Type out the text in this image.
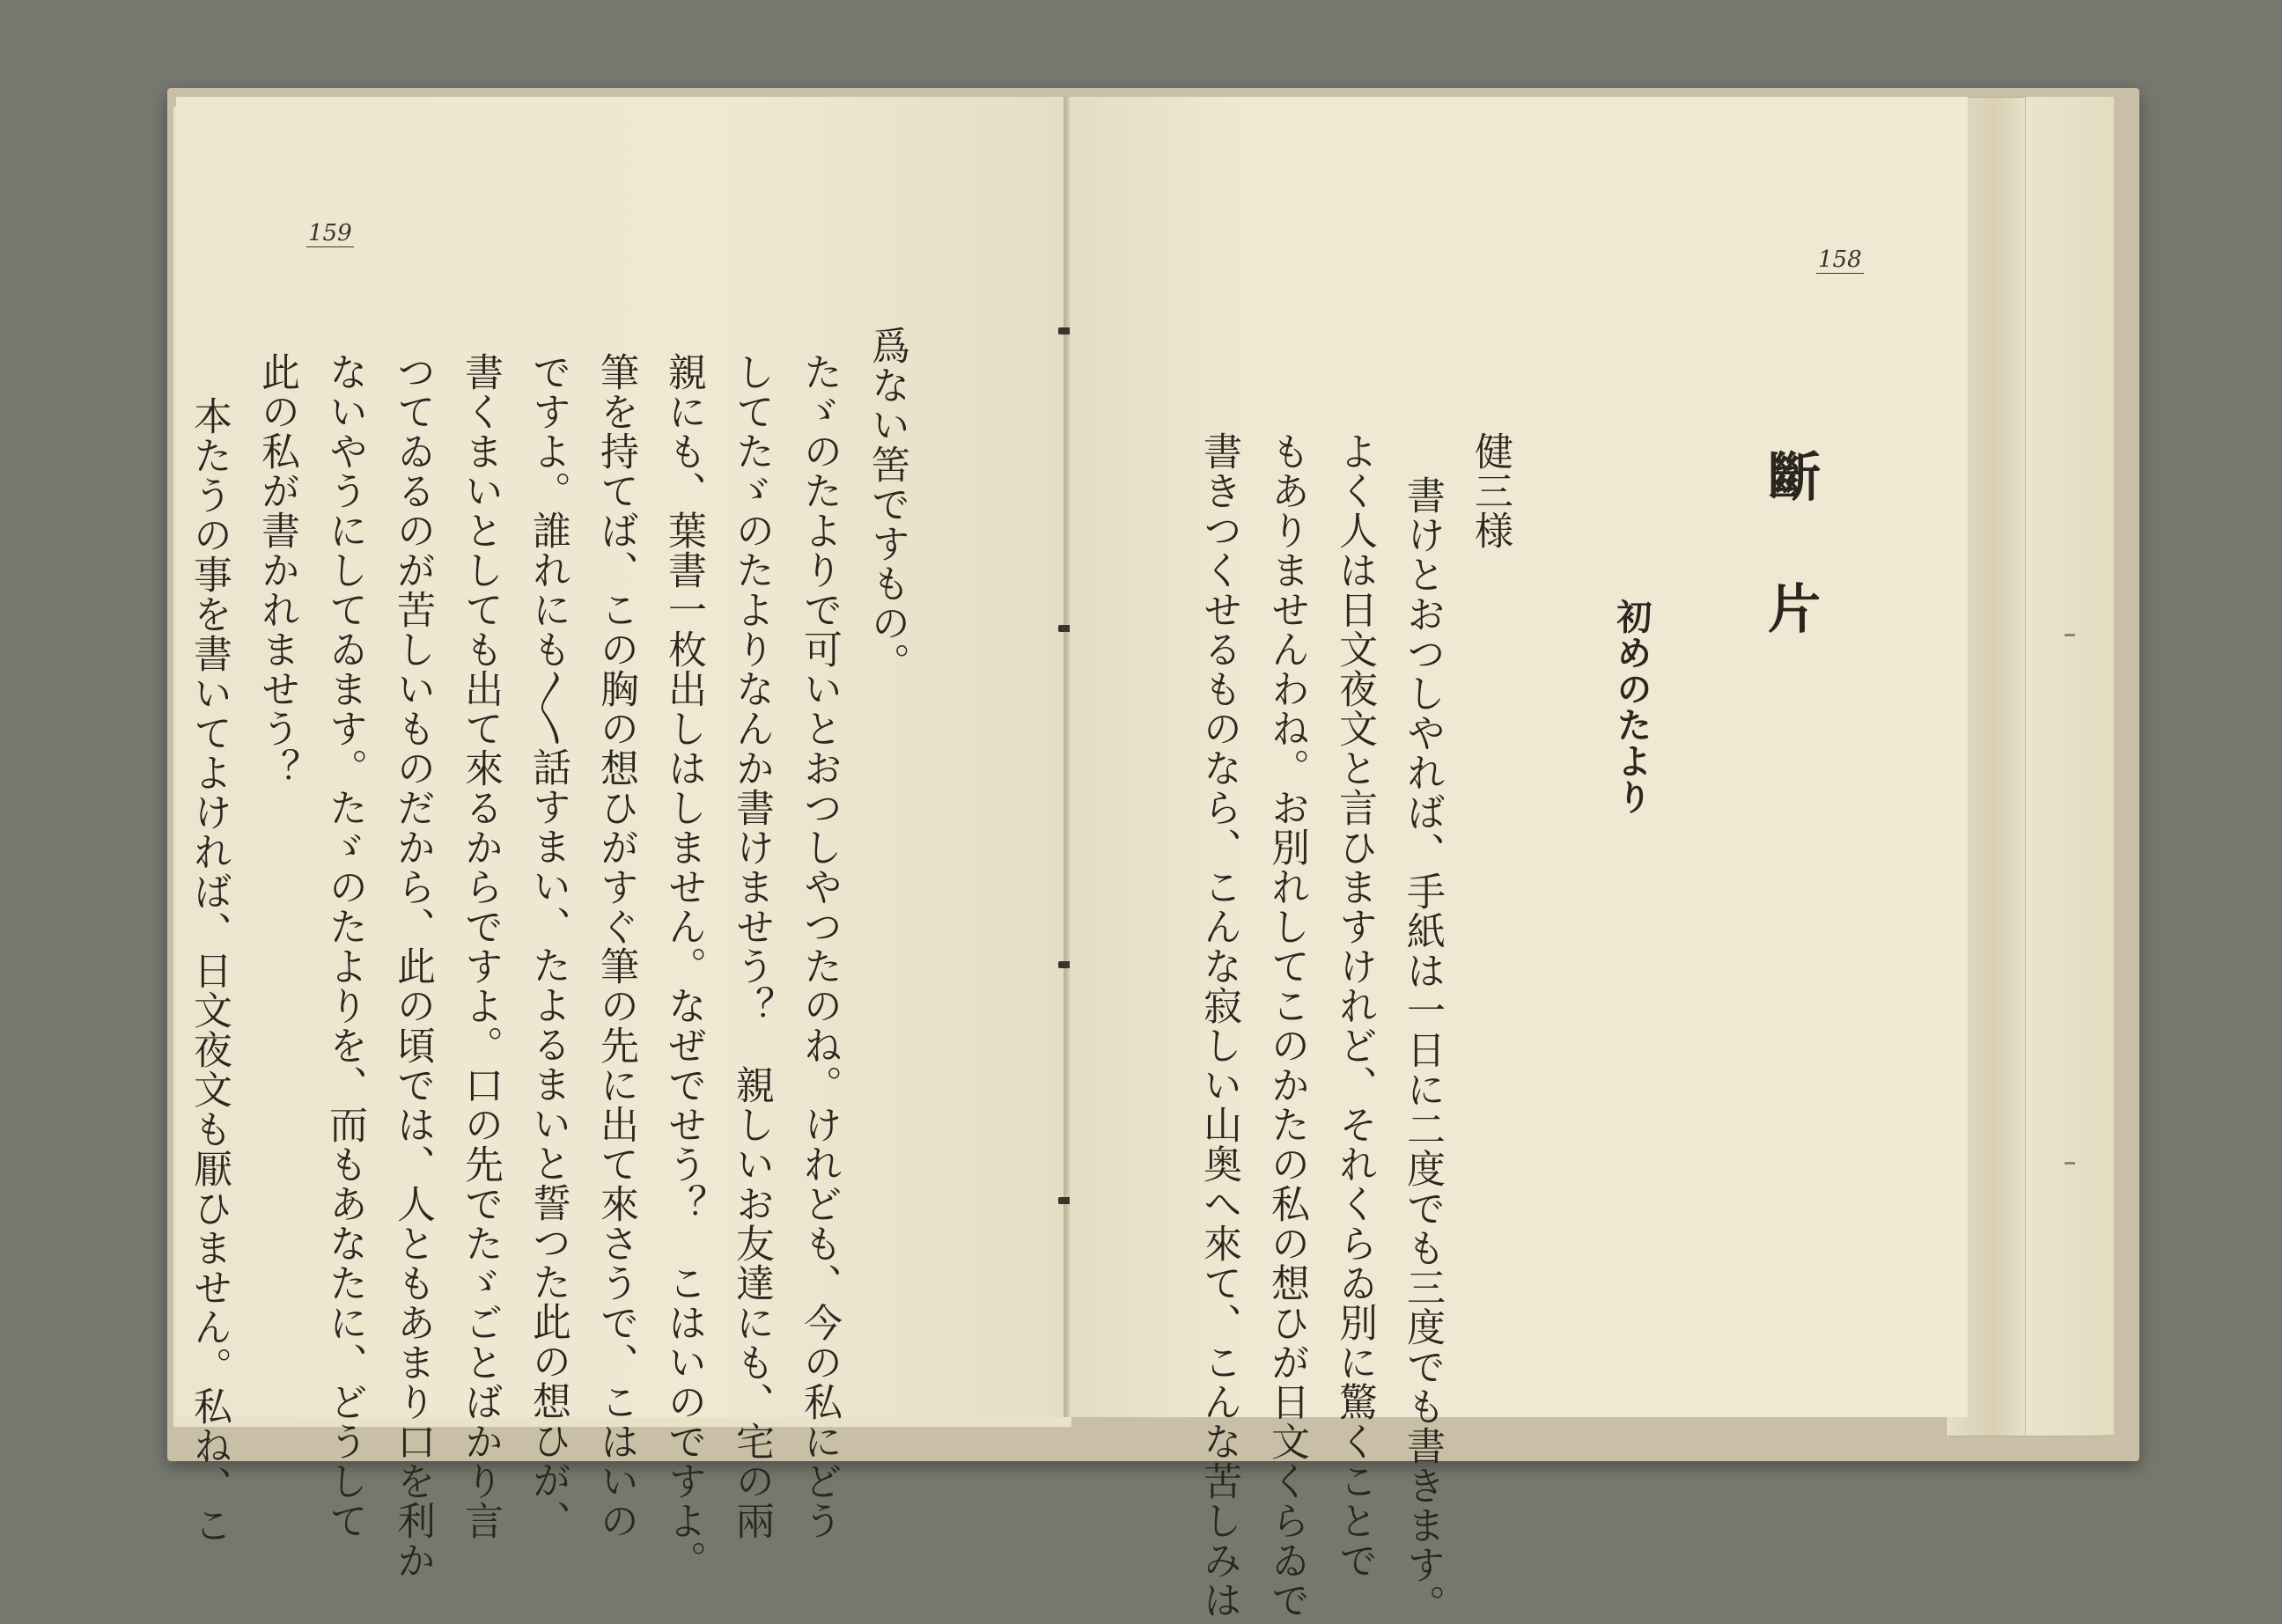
159
爲ない筈ですもの。
たゞのたよりで可いとおつしやつたのね。けれども、今の私にどう
してたゞのたよりなんか書けませう？　親しいお友達にも、宅の兩
親にも、葉書一枚出しはしません。なぜでせう？　こはいのですよ。
筆を持てば、この胸の想ひがすぐ筆の先に出て來さうで、こはいの
ですよ。誰れにも〱話すまい、たよるまいと誓つた此の想ひが、
書くまいとしても出て來るからですよ。口の先でたゞごとばかり言
つてゐるのが苦しいものだから、此の頃では、人ともあまり口を利か
ないやうにしてゐます。たゞのたよりを、而もあなたに、どうして
此の私が書かれませう？
本たうの事を書いてよければ、日文夜文も厭ひません。私ね、こ
158
斷片
初めのたより
健三様
書けとおつしやれば、手紙は一日に二度でも三度でも書きます。
よく人は日文夜文と言ひますけれど、それくらゐ別に驚くことで
もありませんわね。お別れしてこのかたの私の想ひが日文くらゐで
書きつくせるものなら、こんな寂しい山奥へ來て、こんな苦しみは
